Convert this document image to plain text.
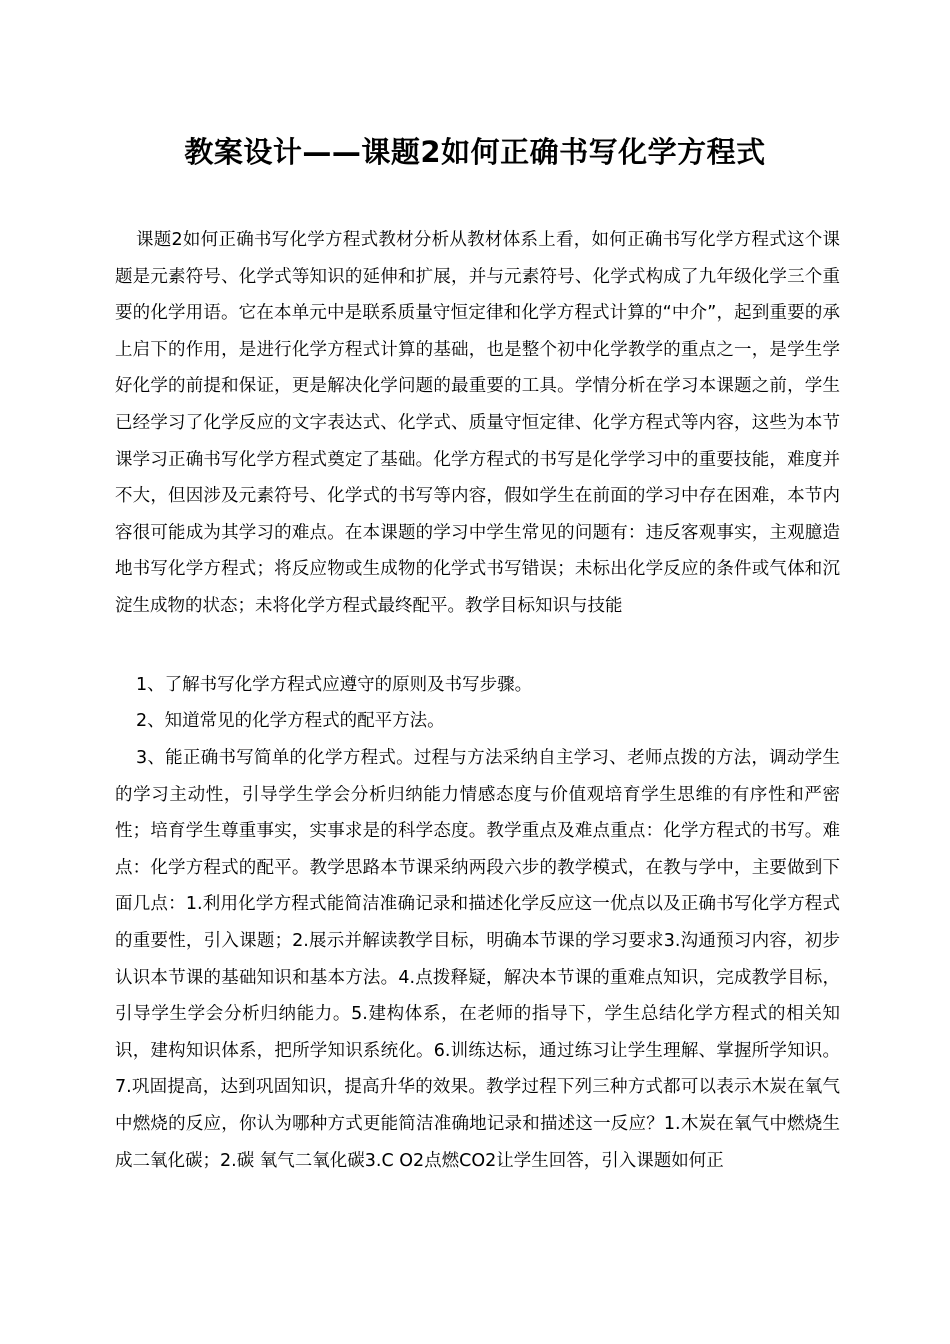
教案设计——课题2如何正确书写化学方程式
课题2如何正确书写化学方程式教材分析从教材体系上看，如何正确书写化学方程式这个课题是元素符号、化学式等知识的延伸和扩展，并与元素符号、化学式构成了九年级化学三个重要的化学用语。它在本单元中是联系质量守恒定律和化学方程式计算的“中介”，起到重要的承上启下的作用，是进行化学方程式计算的基础，也是整个初中化学教学的重点之一，是学生学好化学的前提和保证，更是解决化学问题的最重要的工具。学情分析在学习本课题之前，学生已经学习了化学反应的文字表达式、化学式、质量守恒定律、化学方程式等内容，这些为本节课学习正确书写化学方程式奠定了基础。化学方程式的书写是化学学习中的重要技能，难度并不大，但因涉及元素符号、化学式的书写等内容，假如学生在前面的学习中存在困难，本节内容很可能成为其学习的难点。在本课题的学习中学生常见的问题有：违反客观事实，主观臆造地书写化学方程式；将反应物或生成物的化学式书写错误；未标出化学反应的条件或气体和沉淀生成物的状态；未将化学方程式最终配平。教学目标知识与技能
1、了解书写化学方程式应遵守的原则及书写步骤。
2、知道常见的化学方程式的配平方法。
3、能正确书写简单的化学方程式。过程与方法采纳自主学习、老师点拨的方法，调动学生的学习主动性，引导学生学会分析归纳能力情感态度与价值观培育学生思维的有序性和严密性；培育学生尊重事实，实事求是的科学态度。教学重点及难点重点：化学方程式的书写。难点：化学方程式的配平。教学思路本节课采纳两段六步的教学模式，在教与学中，主要做到下面几点：1.利用化学方程式能简洁准确记录和描述化学反应这一优点以及正确书写化学方程式的重要性，引入课题；2.展示并解读教学目标，明确本节课的学习要求3.沟通预习内容，初步认识本节课的基础知识和基本方法。4.点拨释疑，解决本节课的重难点知识，完成教学目标，引导学生学会分析归纳能力。5.建构体系，在老师的指导下，学生总结化学方程式的相关知识，建构知识体系，把所学知识系统化。6.训练达标，通过练习让学生理解、掌握所学知识。7.巩固提高，达到巩固知识，提高升华的效果。教学过程下列三种方式都可以表示木炭在氧气中燃烧的反应，你认为哪种方式更能简洁准确地记录和描述这一反应？1.木炭在氧气中燃烧生成二氧化碳；2.碳 氧气二氧化碳3.C O2点燃CO2让学生回答，引入课题如何正
